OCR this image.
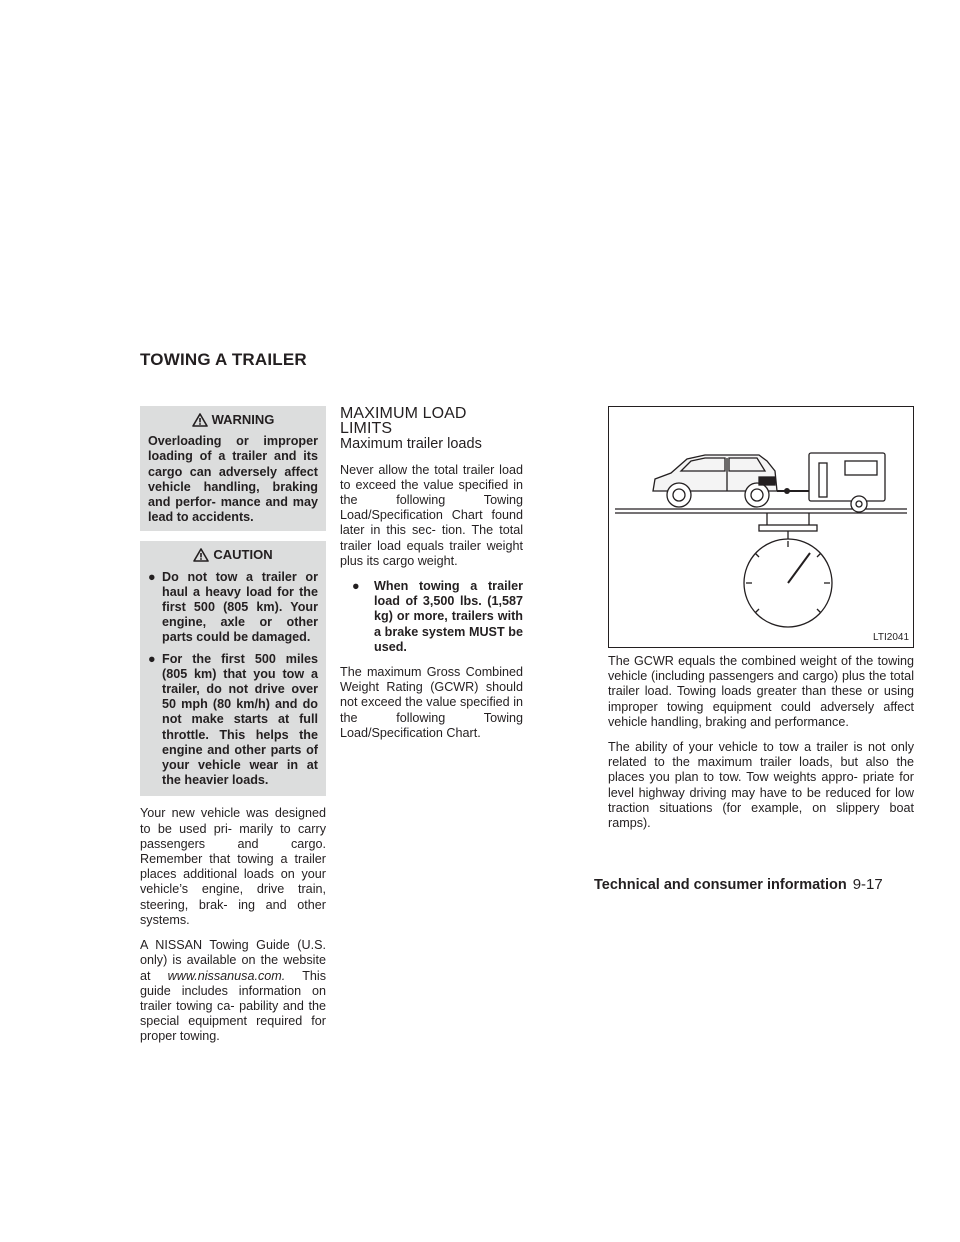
TOWING A TRAILER
WARNING
Overloading or improper loading of a trailer and its cargo can adversely affect vehicle handling, braking and perfor- mance and may lead to accidents.
CAUTION
● Do not tow a trailer or haul a heavy load for the first 500 (805 km). Your engine, axle or other parts could be damaged.
● For the first 500 miles (805 km) that you tow a trailer, do not drive over 50 mph (80 km/h) and do not make starts at full throttle. This helps the engine and other parts of your vehicle wear in at the heavier loads.

Your new vehicle was designed to be used pri- marily to carry passengers and cargo. Remember that towing a trailer places additional loads on your vehicle’s engine, drive train, steering, brak- ing and other systems.

A NISSAN Towing Guide (U.S. only) is available on the website at www.nissanusa.com. This guide includes information on trailer towing ca- pability and the special equipment required for proper towing.

MAXIMUM LOAD LIMITS
Maximum trailer loads

Never allow the total trailer load to exceed the value specified in the following Towing Load/Specification Chart found later in this sec- tion. The total trailer load equals trailer weight plus its cargo weight.

● When towing a trailer load of 3,500 lbs. (1,587 kg) or more, trailers with a brake system MUST be used.

The maximum Gross Combined Weight Rating (GCWR) should not exceed the value specified in the following Towing Load/Specification Chart.

LTI2041

The GCWR equals the combined weight of the towing vehicle (including passengers and cargo) plus the total trailer load. Towing loads greater than these or using improper towing equipment could adversely affect vehicle handling, braking and performance.

The ability of your vehicle to tow a trailer is not only related to the maximum trailer loads, but also the places you plan to tow. Tow weights appro- priate for level highway driving may have to be reduced for low traction situations (for example, on slippery boat ramps).

Technical and consumer information 9-17
